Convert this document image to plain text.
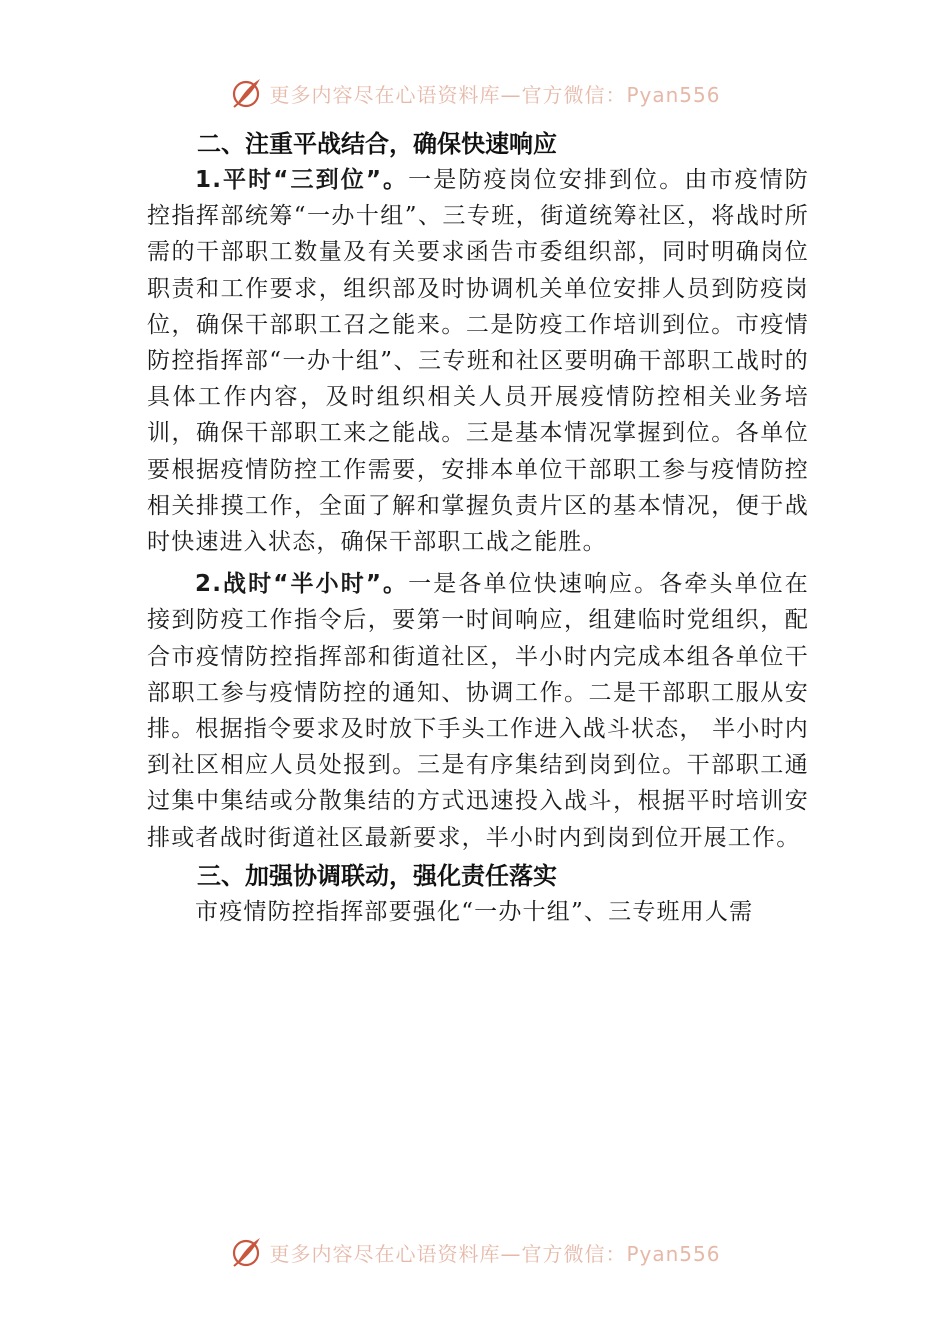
更多内容尽在心语资料库—官方微信：Pyan556

二、注重平战结合，确保快速响应

1.平时“三到位”。一是防疫岗位安排到位。由市疫情防控指挥部统筹“一办十组”、三专班，街道统筹社区，将战时所需的干部职工数量及有关要求函告市委组织部，同时明确岗位职责和工作要求，组织部及时协调机关单位安排人员到防疫岗位，确保干部职工召之能来。二是防疫工作培训到位。市疫情防控指挥部“一办十组”、三专班和社区要明确干部职工战时的具体工作内容，及时组织相关人员开展疫情防控相关业务培训，确保干部职工来之能战。三是基本情况掌握到位。各单位要根据疫情防控工作需要，安排本单位干部职工参与疫情防控相关排摸工作，全面了解和掌握负责片区的基本情况，便于战时快速进入状态，确保干部职工战之能胜。

2.战时“半小时”。一是各单位快速响应。各牵头单位在接到防疫工作指令后，要第一时间响应，组建临时党组织，配合市疫情防控指挥部和街道社区，半小时内完成本组各单位干部职工参与疫情防控的通知、协调工作。二是干部职工服从安排。根据指令要求及时放下手头工作进入战斗状态， 半小时内到社区相应人员处报到。三是有序集结到岗到位。干部职工通过集中集结或分散集结的方式迅速投入战斗，根据平时培训安排或者战时街道社区最新要求，半小时内到岗到位开展工作。

三、加强协调联动，强化责任落实

市疫情防控指挥部要强化“一办十组”、三专班用人需

更多内容尽在心语资料库—官方微信：Pyan556
